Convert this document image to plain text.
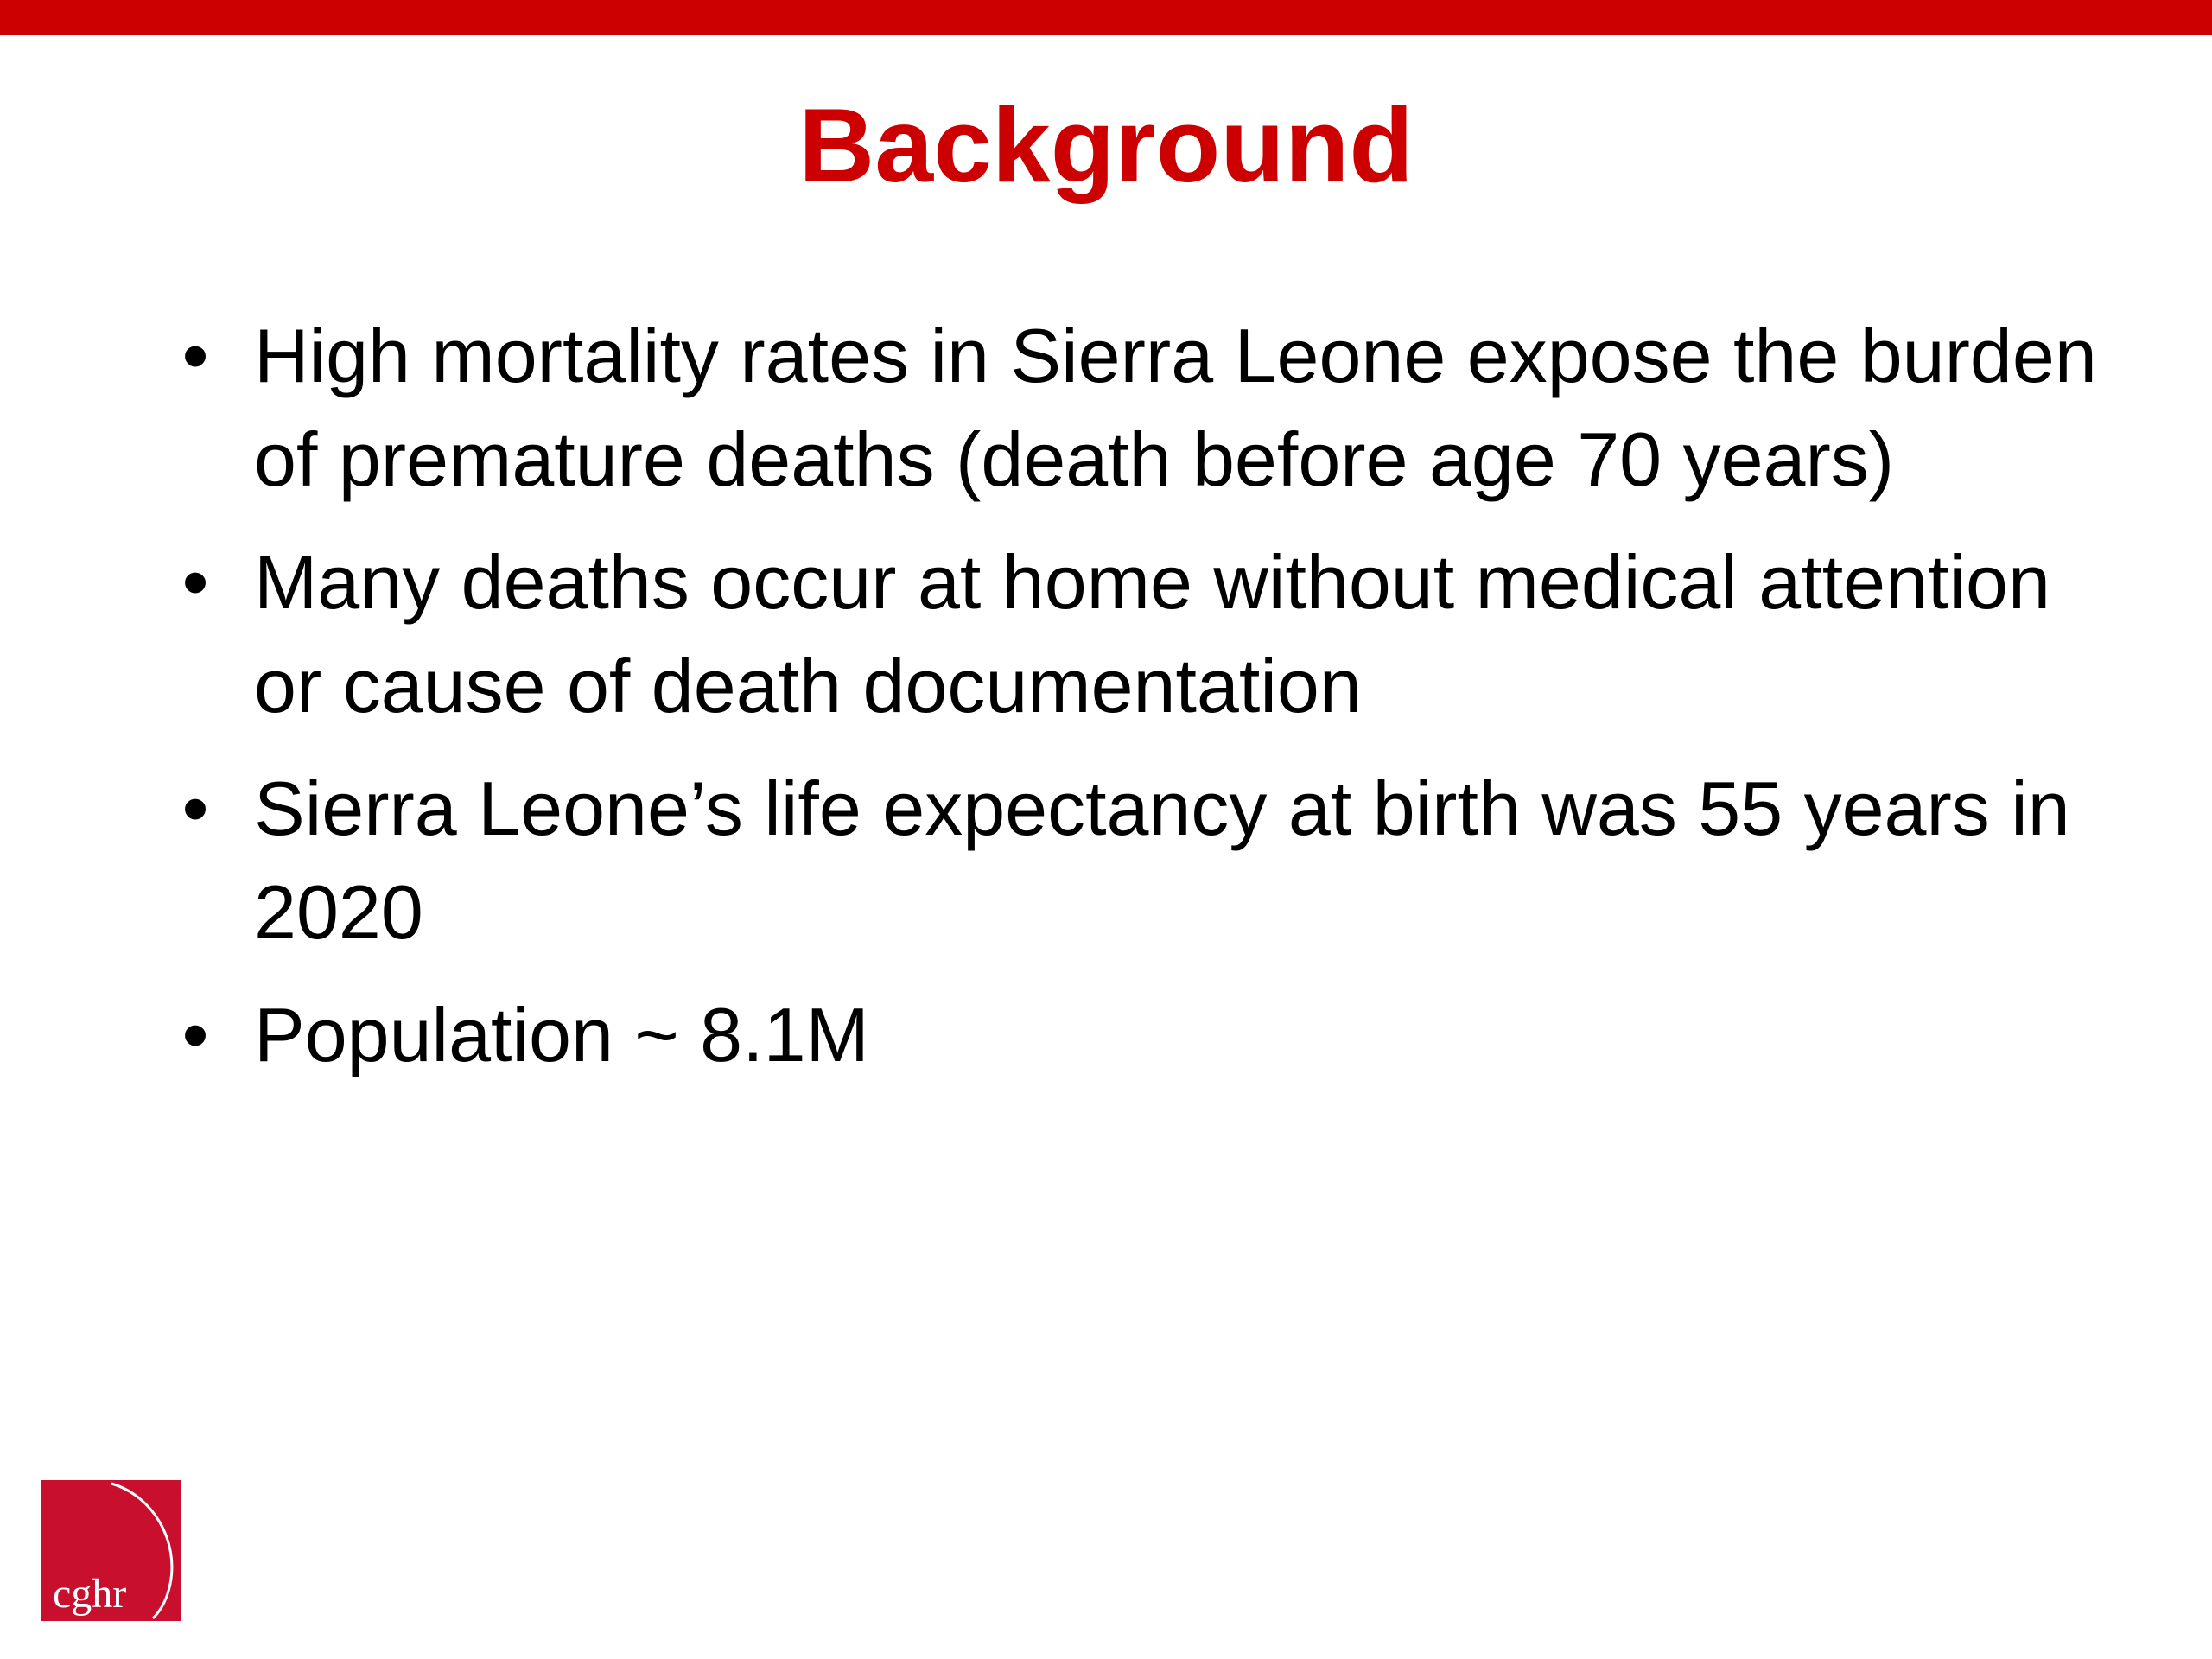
Background
• High mortality rates in Sierra Leone expose the burden of premature deaths (death before age 70 years)
• Many deaths occur at home without medical attention or cause of death documentation
• Sierra Leone’s life expectancy at birth was 55 years in 2020
• Population ~ 8.1M
cghr
